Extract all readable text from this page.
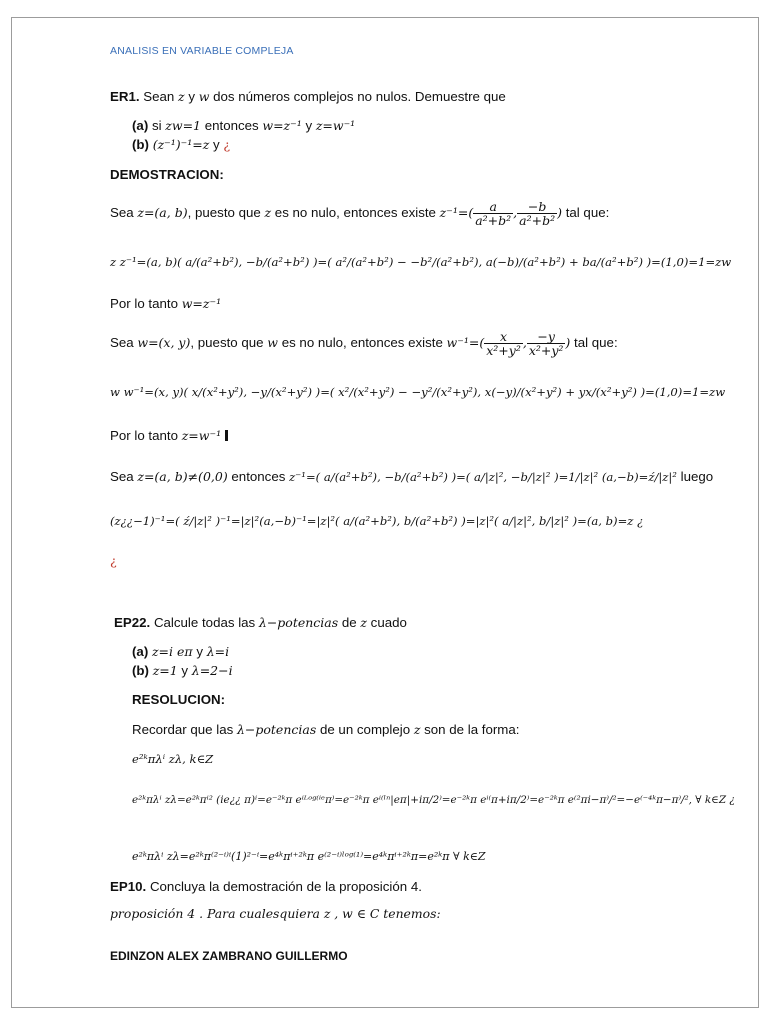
ANALISIS EN VARIABLE COMPLEJA
ER1. Sean z y w dos números complejos no nulos. Demuestre que
(a) si zw=1 entonces w=z⁻¹ y z=w⁻¹
(b) (z⁻¹)⁻¹=z y ¿
DEMOSTRACION:
Sea z=(a, b), puesto que z es no nulo, entonces existe $z^{-1}=( \frac{a}{\text{a²+b²}}$ , $\frac{-b}{\text{a²+b²}}$ ) tal que:
z z⁻¹=(a, b)( a/(a²+b²), −b/(a²+b²) )=( a²/(a²+b²) − −b²/(a²+b²), a(−b)/(a²+b²) + ba/(a²+b²) )=(1,0)=1=zw
Por lo tanto w=z⁻¹
Sea w=(x, y), puesto que w es no nulo, entonces existe $w^{-1}=( \frac{x}{\text{x²+y²}}$ , $\frac{-y}{\text{x²+y²}}$ ) tal que:
w w⁻¹=(x, y)( x/(x²+y²), −y/(x²+y²) )=( x²/(x²+y²) − −y²/(x²+y²), x(−y)/(x²+y²) + yx/(x²+y²) )=(1,0)=1=zw
Por lo tanto z=w⁻¹
Sea z=(a, b)≠(0,0) entonces z⁻¹=( a/(a²+b²), −b/(a²+b²) )=( a/|z|², −b/|z|² )=1/|z|² (a,−b)=ź/|z|² luego
(z¿¿−1)⁻¹=( ź/|z|² )⁻¹=|z|²(a,−b)⁻¹=|z|²( a/(a²+b²), b/(a²+b²) )=|z|²( a/|z|², b/|z|² )=(a, b)=z ¿
¿
EP22. Calcule todas las λ−potencias de z cuado
(a) z=i eπ y λ=i
(b) z=1 y λ=2−i
RESOLUCION:
Recordar que las λ−potencias de un complejo z son de la forma:
e²ᵏπλⁱ zλ, k∈Z
e²ᵏπλⁱ zλ=e²ᵏπⁱ² (ie¿¿ π)ⁱ=e⁻²ᵏπ eⁱᴸᵒᵍ⁽ⁱᵉπ⁾=e⁻²ᵏπ eⁱ⁽ˡⁿ|eπ|+iπ/2⁾=e⁻²ᵏπ eⁱ⁽π+iπ/2⁾=e⁻²ᵏπ e⁽²πi−π⁾/²=−e⁽⁻⁴ᵏπ−π⁾/², ∀ k∈Z ¿
e²ᵏπλⁱ zλ=e²ᵏπ⁽²⁻ⁱ⁾ⁱ(1)²⁻ⁱ=e⁴ᵏπⁱ⁺²ᵏπ e⁽²⁻ⁱ⁾ˡᵒᵍ⁽¹⁾=e⁴ᵏπⁱ⁺²ᵏπ=e²ᵏπ ∀ k∈Z
EP10. Concluya la demostración de la proposición 4.
proposición 4 . Para cualesquiera z , w ∈ C tenemos:
EDINZON ALEX ZAMBRANO GUILLERMO
